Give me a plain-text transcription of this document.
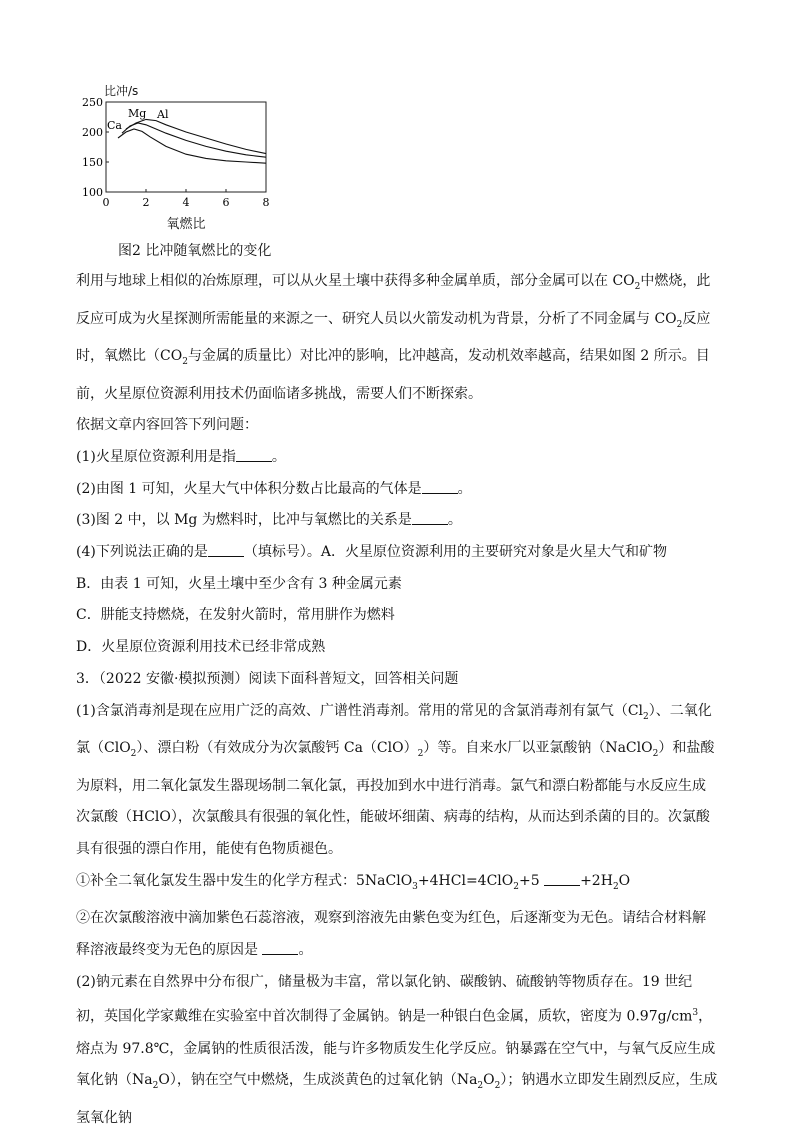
比冲/s
氧燃比
0	2	4	6	8
100
150
200
250
Al
Mg
Ca
图2 比冲随氧燃比的变化

利用与地球上相似的冶炼原理，可以从火星土壤中获得多种金属单质，部分金属可以在 $CO_2$中燃烧，此反应可成为火星探测所需能量的来源之一、研究人员以火箭发动机为背景，分析了不同金属与 $CO_2$反应时，氧燃比（$CO_2$与金属的质量比）对比冲的影响，比冲越高，发动机效率越高，结果如图 2 所示。目前，火星原位资源利用技术仍面临诸多挑战，需要人们不断探索。

依据文章内容回答下列问题：

(1)火星原位资源利用是指	。

(2)由图 1 可知，火星大气中体积分数占比最高的气体是	。

(3)图 2 中，以 Mg 为燃料时，比冲与氧燃比的关系是	。

(4)下列说法正确的是	（填标号）。A．火星原位资源利用的主要研究对象是火星大气和矿物

B．由表 1 可知，火星土壤中至少含有 3 种金属元素

C．肼能支持燃烧，在发射火箭时，常用肼作为燃料

D．火星原位资源利用技术已经非常成熟

3．（2022 安徽·模拟预测）阅读下面科普短文，回答相关问题

(1)含氯消毒剂是现在应用广泛的高效、广谱性消毒剂。常用的常见的含氯消毒剂有氯气$(Cl_2)$、二氧化氯（ClO$_2$）、漂白粉（有效成分为次氯酸钙 $Ca(ClO)_2$）等。自来水厂以亚氯酸钠（NaClO$_2$）和盐酸为原料，用二氧化氯发生器现场制二氧化氯，再投加到水中进行消毒。氯气和漂白粉都能与水反应生成次氯酸（HClO），次氯酸具有很强的氧化性，能破坏细菌、病毒的结构，从而达到杀菌的目的。次氯酸具有很强的漂白作用，能使有色物质褪色。

①补全二氧化氯发生器中发生的化学方程式：5NaClO$_3$+4HCl=4ClO$_2$+5	$+2H_2O$

②在次氯酸溶液中滴加紫色石蕊溶液，观察到溶液先由紫色变为红色，后逐渐变为无色。请结合材料解释溶液最终变为无色的原因是	。

(2)钠元素在自然界中分布很广，储量极为丰富，常以氯化钠、碳酸钠、硫酸钠等物质存在。19 世纪初，英国化学家戴维在实验室中首次制得了金属钠。钠是一种银白色金属，质软，密度为 $0.97g/cm^3$，熔点为 97.8℃，金属钠的性质很活泼，能与许多物质发生化学反应。钠暴露在空气中，与氧气反应生成氧化钠$(Na_2O)$，钠在空气中燃烧，生成淡黄色的过氧化钠$(Na_2O_2)$；钠遇水立即发生剧烈反应，生成氢氧化钠
